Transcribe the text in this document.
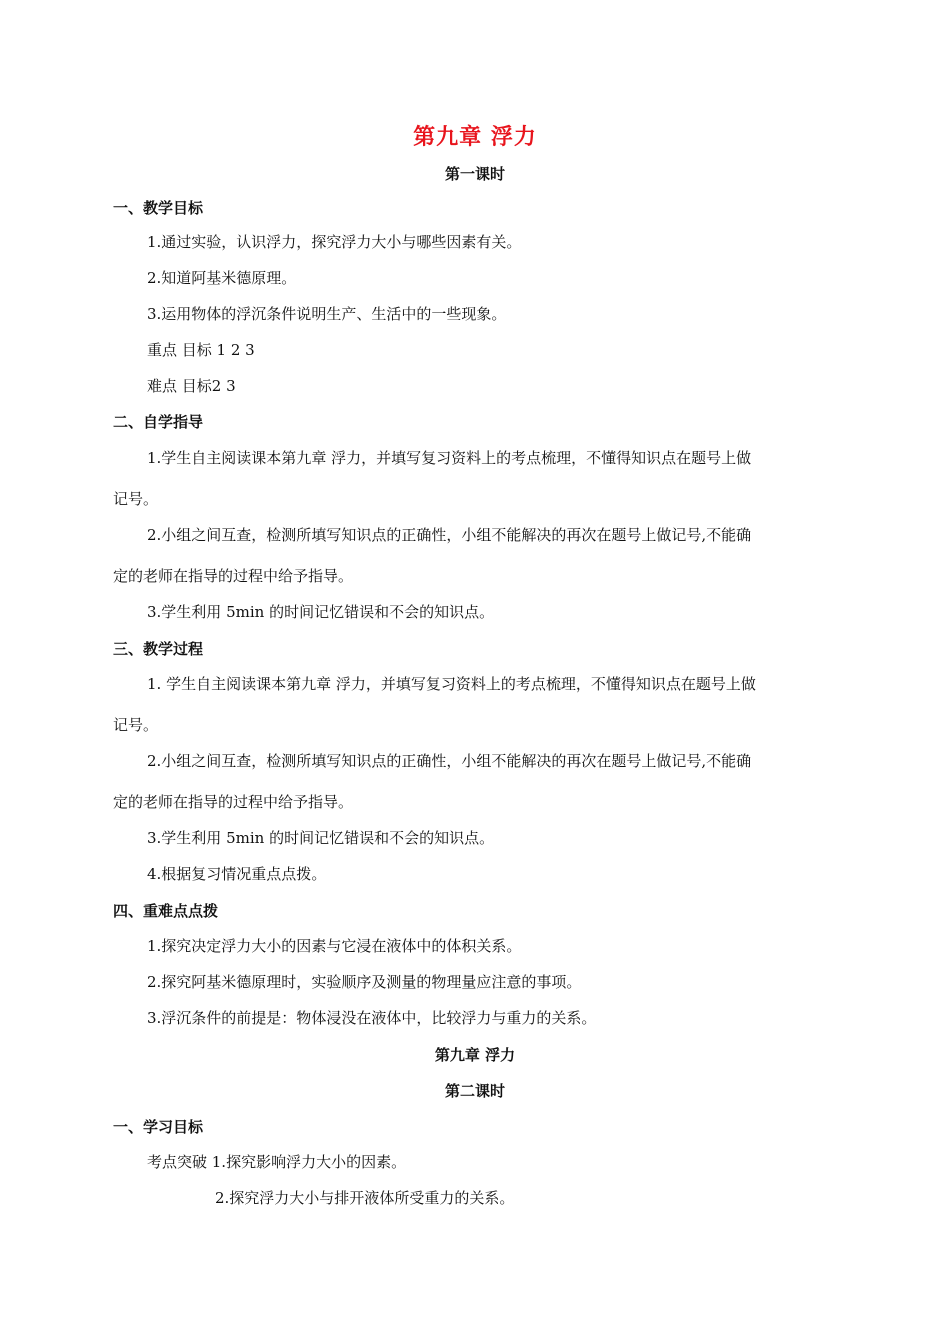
第九章 浮力
第一课时
一、教学目标
1.通过实验，认识浮力，探究浮力大小与哪些因素有关。
2.知道阿基米德原理。
3.运用物体的浮沉条件说明生产、生活中的一些现象。
重点 目标 1 2 3
难点 目标2 3
二、自学指导
1.学生自主阅读课本第九章 浮力，并填写复习资料上的考点梳理，不懂得知识点在题号上做
记号。
2.小组之间互查，检测所填写知识点的正确性，小组不能解决的再次在题号上做记号,不能确
定的老师在指导的过程中给予指导。
3.学生利用 5min 的时间记忆错误和不会的知识点。
三、教学过程
1. 学生自主阅读课本第九章 浮力，并填写复习资料上的考点梳理，不懂得知识点在题号上做
记号。
2.小组之间互查，检测所填写知识点的正确性，小组不能解决的再次在题号上做记号,不能确
定的老师在指导的过程中给予指导。
3.学生利用 5min 的时间记忆错误和不会的知识点。
4.根据复习情况重点点拨。
四、重难点点拨
1.探究决定浮力大小的因素与它浸在液体中的体积关系。
2.探究阿基米德原理时，实验顺序及测量的物理量应注意的事项。
3.浮沉条件的前提是：物体浸没在液体中，比较浮力与重力的关系。
第九章 浮力
第二课时
一、学习目标
考点突破 1.探究影响浮力大小的因素。
2.探究浮力大小与排开液体所受重力的关系。
